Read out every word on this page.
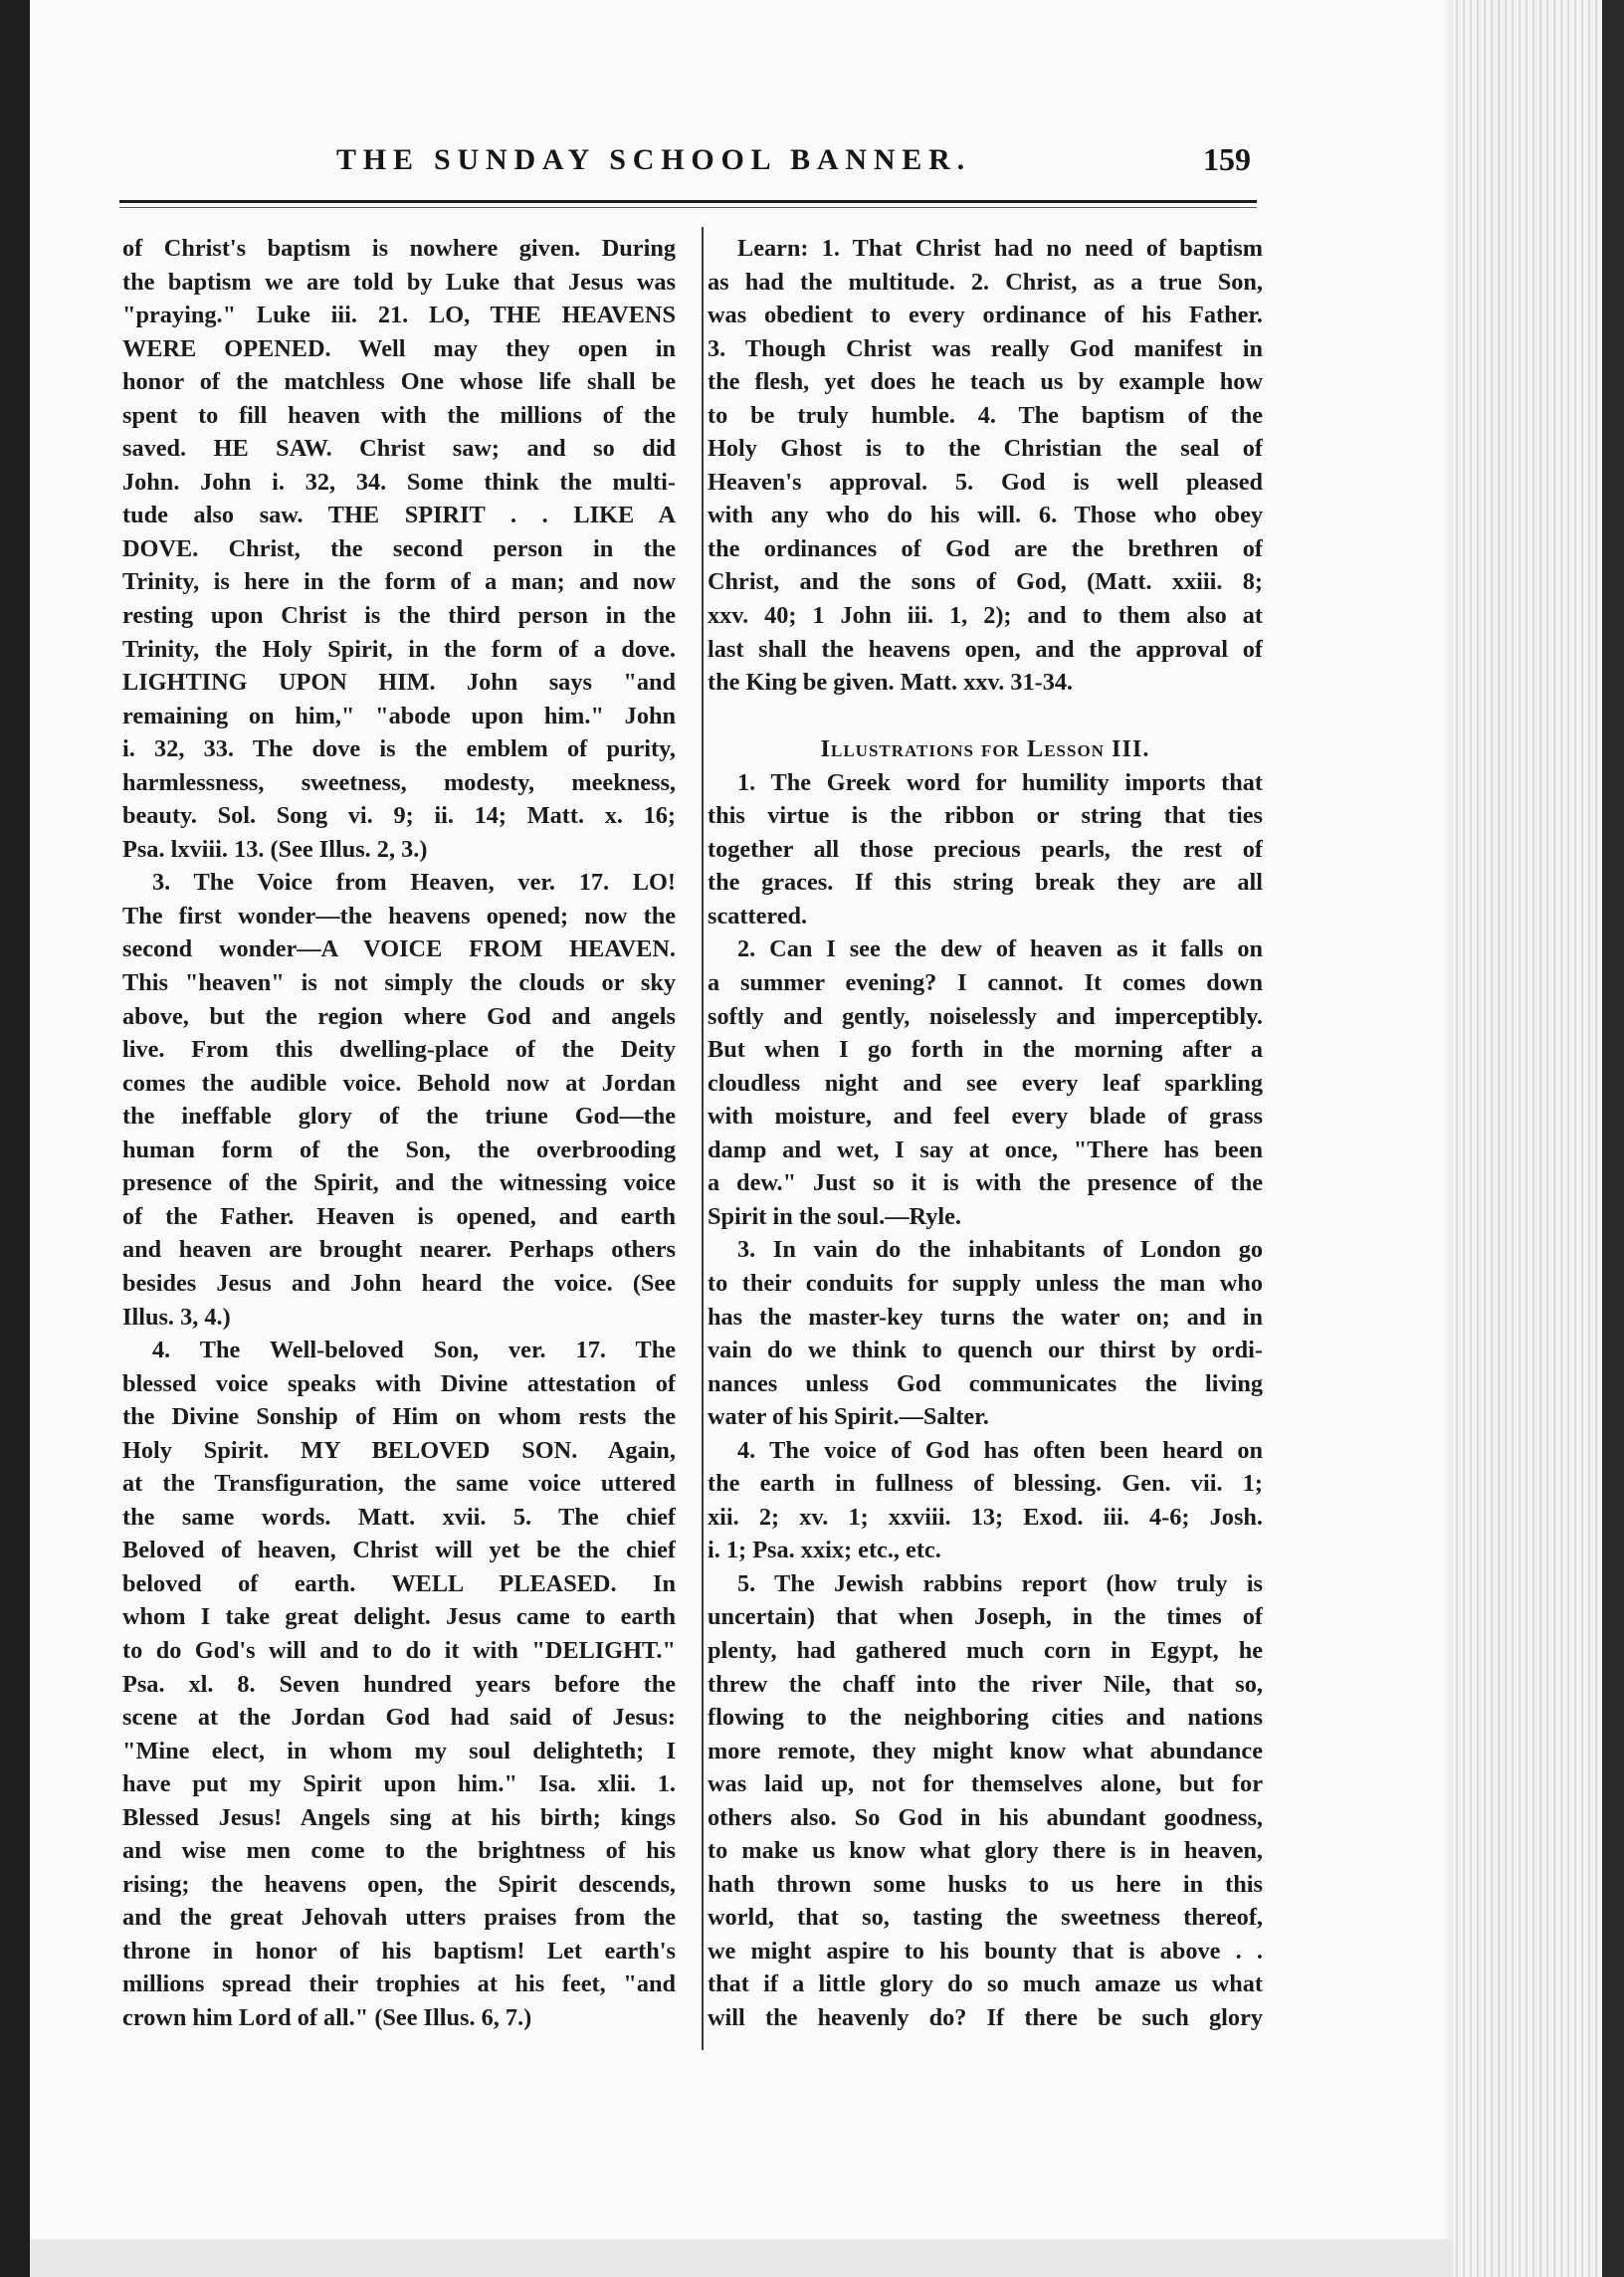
THE SUNDAY SCHOOL BANNER.	159
of Christ's baptism is nowhere given. During
the baptism we are told by Luke that Jesus was
"praying." Luke iii. 21. LO, THE HEAVENS
WERE OPENED. Well may they open in
honor of the matchless One whose life shall be
spent to fill heaven with the millions of the
saved. HE SAW. Christ saw; and so did
John. John i. 32, 34. Some think the multi-
tude also saw. THE SPIRIT . . LIKE A
DOVE. Christ, the second person in the
Trinity, is here in the form of a man; and now
resting upon Christ is the third person in the
Trinity, the Holy Spirit, in the form of a dove.
LIGHTING UPON HIM. John says "and
remaining on him," "abode upon him." John
i. 32, 33. The dove is the emblem of purity,
harmlessness, sweetness, modesty, meekness,
beauty. Sol. Song vi. 9; ii. 14; Matt. x. 16;
Psa. lxviii. 13. (See Illus. 2, 3.)
3. The Voice from Heaven, ver. 17. LO!
The first wonder—the heavens opened; now the
second wonder—A VOICE FROM HEAVEN.
This "heaven" is not simply the clouds or sky
above, but the region where God and angels
live. From this dwelling-place of the Deity
comes the audible voice. Behold now at Jordan
the ineffable glory of the triune God—the
human form of the Son, the overbrooding
presence of the Spirit, and the witnessing voice
of the Father. Heaven is opened, and earth
and heaven are brought nearer. Perhaps others
besides Jesus and John heard the voice. (See
Illus. 3, 4.)
4. The Well-beloved Son, ver. 17. The
blessed voice speaks with Divine attestation of
the Divine Sonship of Him on whom rests the
Holy Spirit. MY BELOVED SON. Again,
at the Transfiguration, the same voice uttered
the same words. Matt. xvii. 5. The chief
Beloved of heaven, Christ will yet be the chief
beloved of earth. WELL PLEASED. In
whom I take great delight. Jesus came to earth
to do God's will and to do it with "DELIGHT."
Psa. xl. 8. Seven hundred years before the
scene at the Jordan God had said of Jesus:
"Mine elect, in whom my soul delighteth; I
have put my Spirit upon him." Isa. xlii. 1.
Blessed Jesus! Angels sing at his birth; kings
and wise men come to the brightness of his
rising; the heavens open, the Spirit descends,
and the great Jehovah utters praises from the
throne in honor of his baptism! Let earth's
millions spread their trophies at his feet, "and
crown him Lord of all." (See Illus. 6, 7.)
Learn: 1. That Christ had no need of baptism
as had the multitude. 2. Christ, as a true Son,
was obedient to every ordinance of his Father.
3. Though Christ was really God manifest in
the flesh, yet does he teach us by example how
to be truly humble. 4. The baptism of the
Holy Ghost is to the Christian the seal of
Heaven's approval. 5. God is well pleased
with any who do his will. 6. Those who obey
the ordinances of God are the brethren of
Christ, and the sons of God, (Matt. xxiii. 8;
xxv. 40; 1 John iii. 1, 2); and to them also at
last shall the heavens open, and the approval of
the King be given. Matt. xxv. 31-34.
Illustrations for Lesson III.
1. The Greek word for humility imports that
this virtue is the ribbon or string that ties
together all those precious pearls, the rest of
the graces. If this string break they are all
scattered.
2. Can I see the dew of heaven as it falls on
a summer evening? I cannot. It comes down
softly and gently, noiselessly and imperceptibly.
But when I go forth in the morning after a
cloudless night and see every leaf sparkling
with moisture, and feel every blade of grass
damp and wet, I say at once, "There has been
a dew." Just so it is with the presence of the
Spirit in the soul.—Ryle.
3. In vain do the inhabitants of London go
to their conduits for supply unless the man who
has the master-key turns the water on; and in
vain do we think to quench our thirst by ordi-
nances unless God communicates the living
water of his Spirit.—Salter.
4. The voice of God has often been heard on
the earth in fullness of blessing. Gen. vii. 1;
xii. 2; xv. 1; xxviii. 13; Exod. iii. 4-6; Josh.
i. 1; Psa. xxix; etc., etc.
5. The Jewish rabbins report (how truly is
uncertain) that when Joseph, in the times of
plenty, had gathered much corn in Egypt, he
threw the chaff into the river Nile, that so,
flowing to the neighboring cities and nations
more remote, they might know what abundance
was laid up, not for themselves alone, but for
others also. So God in his abundant goodness,
to make us know what glory there is in heaven,
hath thrown some husks to us here in this
world, that so, tasting the sweetness thereof,
we might aspire to his bounty that is above . .
that if a little glory do so much amaze us what
will the heavenly do? If there be such glory
